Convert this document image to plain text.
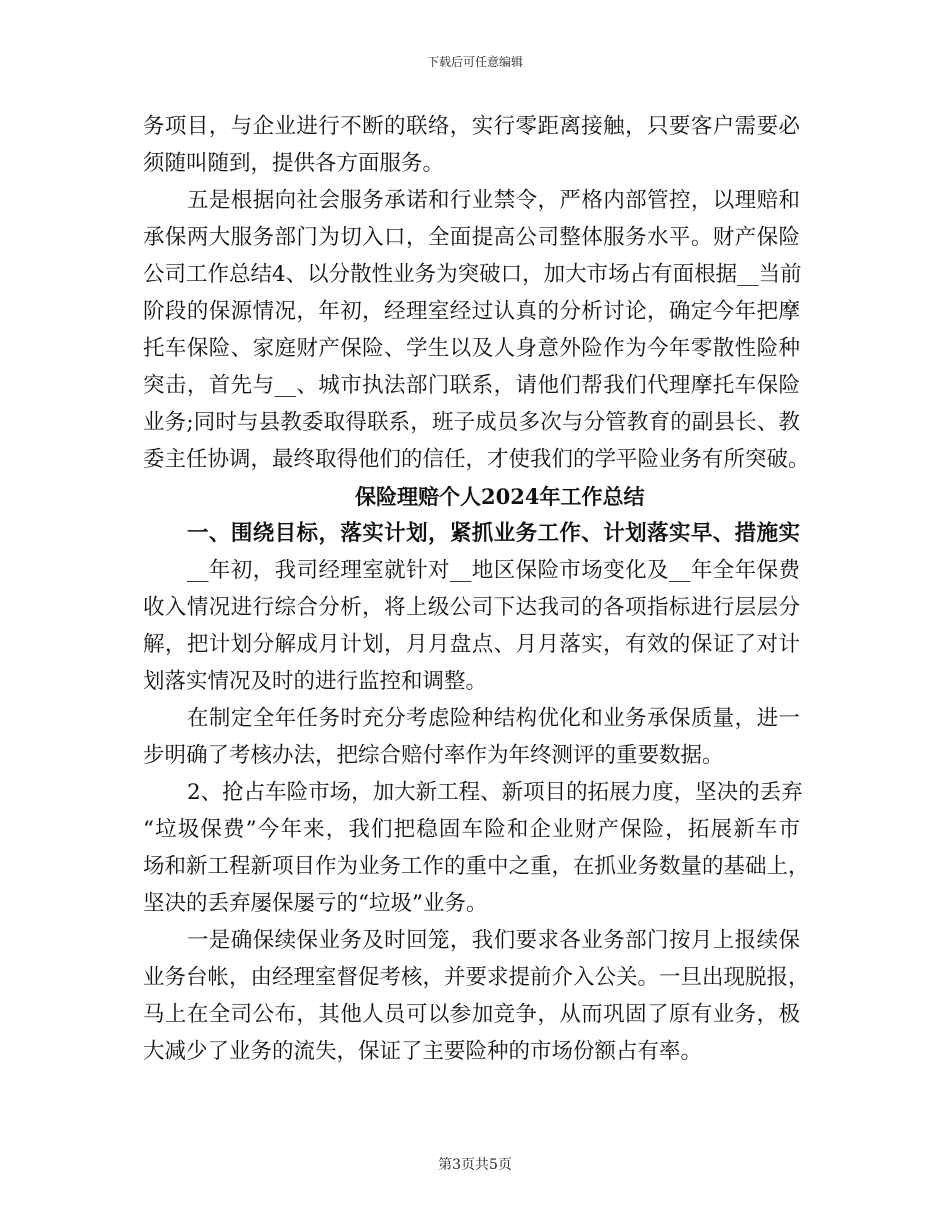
下载后可任意编辑
务项目，与企业进行不断的联络，实行零距离接触，只要客户需要必
须随叫随到，提供各方面服务。
五是根据向社会服务承诺和行业禁令，严格内部管控，以理赔和
承保两大服务部门为切入口，全面提高公司整体服务水平。财产保险
公司工作总结4、以分散性业务为突破口，加大市场占有面根据__当前
阶段的保源情况，年初，经理室经过认真的分析讨论，确定今年把摩
托车保险、家庭财产保险、学生以及人身意外险作为今年零散性险种
突击，首先与__、城市执法部门联系，请他们帮我们代理摩托车保险
业务;同时与县教委取得联系，班子成员多次与分管教育的副县长、教
委主任协调，最终取得他们的信任，才使我们的学平险业务有所突破。
保险理赔个人2024年工作总结
一、围绕目标，落实计划，紧抓业务工作、计划落实早、措施实
__年初，我司经理室就针对__地区保险市场变化及__年全年保费
收入情况进行综合分析，将上级公司下达我司的各项指标进行层层分
解，把计划分解成月计划，月月盘点、月月落实，有效的保证了对计
划落实情况及时的进行监控和调整。
在制定全年任务时充分考虑险种结构优化和业务承保质量，进一
步明确了考核办法，把综合赔付率作为年终测评的重要数据。
2、抢占车险市场，加大新工程、新项目的拓展力度，坚决的丢弃
“垃圾保费”今年来，我们把稳固车险和企业财产保险，拓展新车市
场和新工程新项目作为业务工作的重中之重，在抓业务数量的基础上，
坚决的丢弃屡保屡亏的“垃圾”业务。
一是确保续保业务及时回笼，我们要求各业务部门按月上报续保
业务台帐，由经理室督促考核，并要求提前介入公关。一旦出现脱报，
马上在全司公布，其他人员可以参加竞争，从而巩固了原有业务，极
大减少了业务的流失，保证了主要险种的市场份额占有率。
第3页共5页
